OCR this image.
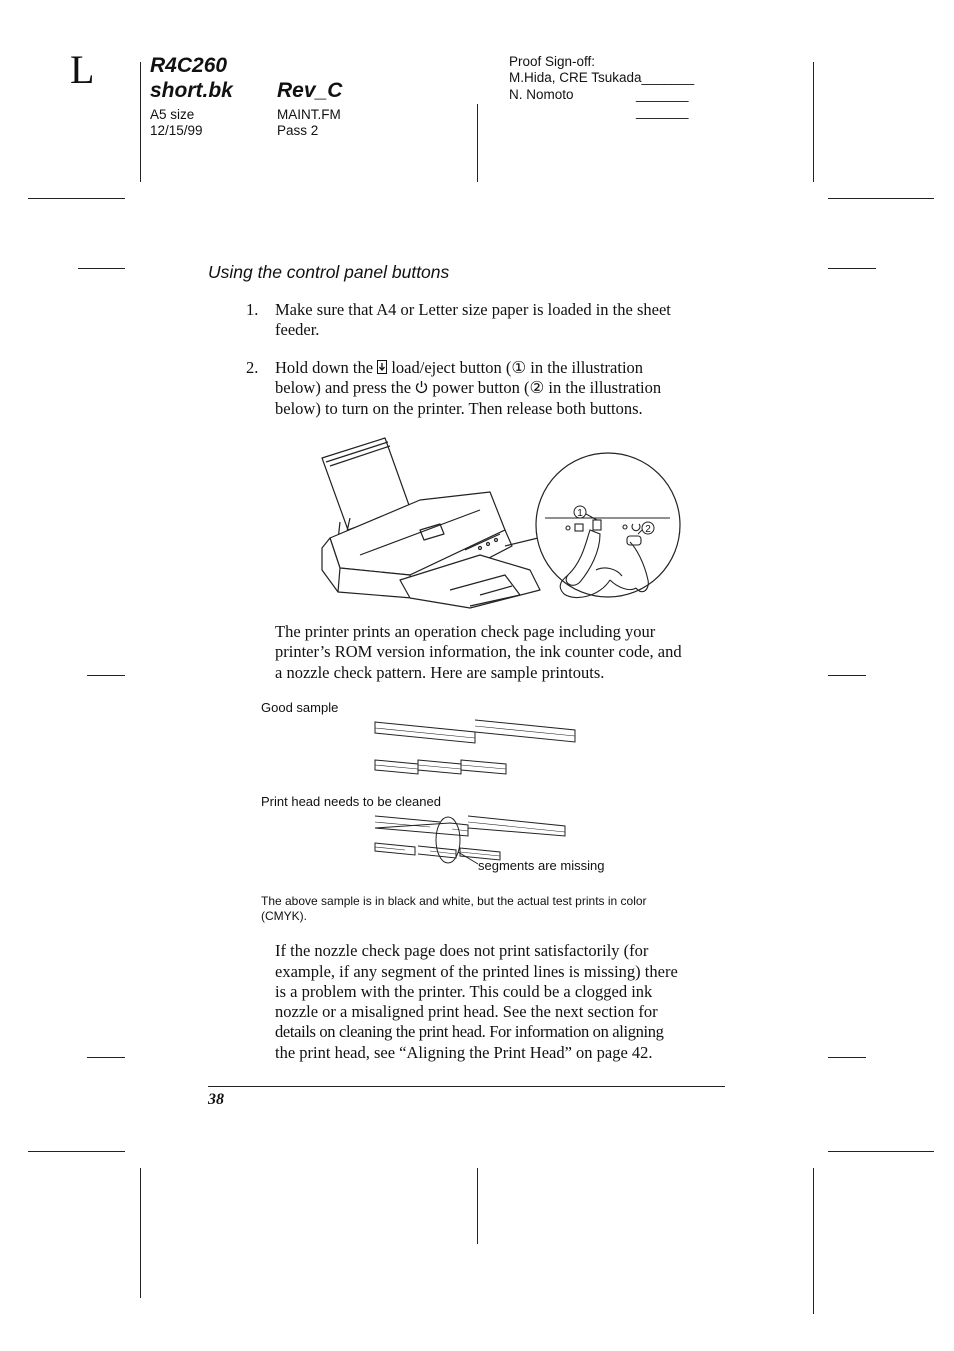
L	R4C260
short.bk Rev_C
A5 size
12/15/99
MAINT.FM
Pass 2
Proof Sign-off:
M.Hida, CRE Tsukada_______
N. Nomoto	_______
_______
Using the control panel buttons
1.	Make sure that A4 or Letter size paper is loaded in the sheet
feeder.
2.	Hold down the load/eject button (① in the illustration
below) and press the power button (② in the illustration
below) to turn on the printer. Then release both buttons.
1
2
The printer prints an operation check page including your
printer’s ROM version information, the ink counter code, and
a nozzle check pattern. Here are sample printouts.
Good sample
Print head needs to be cleaned
segments are missing
The above sample is in black and white, but the actual test prints in color
(CMYK).
If the nozzle check page does not print satisfactorily (for
example, if any segment of the printed lines is missing) there
is a problem with the printer. This could be a clogged ink
nozzle or a misaligned print head. See the next section for
details on cleaning the print head. For information on aligning
the print head, see “Aligning the Print Head” on page 42.
38
